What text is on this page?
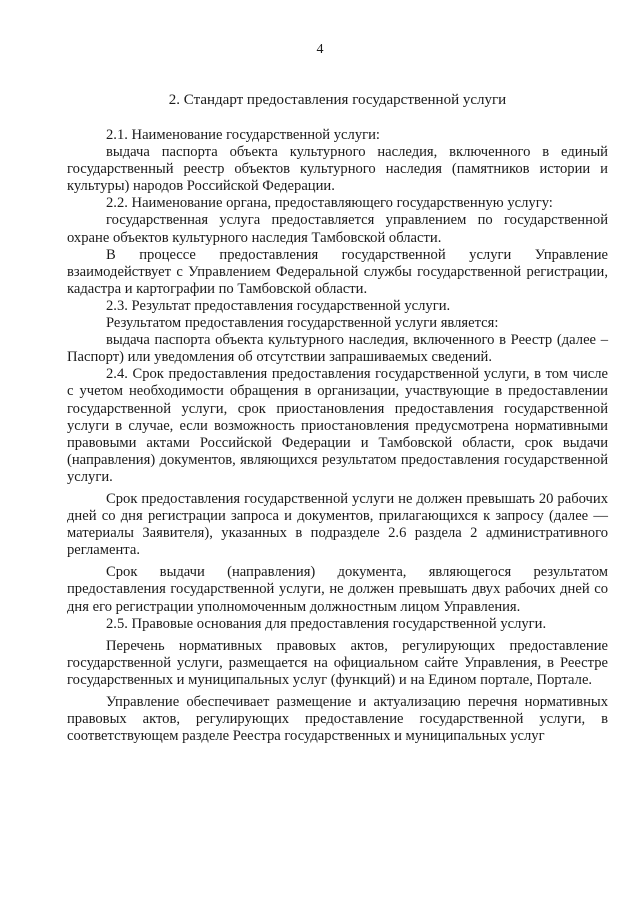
4
2. Стандарт предоставления государственной услуги

2.1. Наименование государственной услуги:

выдача паспорта объекта культурного наследия, включенного в единый государственный реестр объектов культурного наследия (памятников истории и культуры) народов Российской Федерации.

2.2. Наименование органа, предоставляющего государственную услугу:

государственная услуга предоставляется управлением по государственной охране объектов культурного наследия Тамбовской области.

В процессе предоставления государственной услуги Управление взаимодействует с Управлением Федеральной службы государственной регистрации, кадастра и картографии по Тамбовской области.

2.3. Результат предоставления государственной услуги.

Результатом предоставления государственной услуги является:

выдача паспорта объекта культурного наследия, включенного в Реестр (далее – Паспорт) или уведомления об отсутствии запрашиваемых сведений.

2.4. Срок предоставления предоставления государственной услуги, в том числе с учетом необходимости обращения в организации, участвующие в предоставлении государственной услуги, срок приостановления предоставления государственной услуги в случае, если возможность приостановления предусмотрена нормативными правовыми актами Российской Федерации и Тамбовской области, срок выдачи (направления) документов, являющихся результатом предоставления государственной услуги.

Срок предоставления государственной услуги не должен превышать 20 рабочих дней со дня регистрации запроса и документов, прилагающихся к запросу (далее — материалы Заявителя), указанных в подразделе 2.6 раздела 2 административного регламента.

Срок выдачи (направления) документа, являющегося результатом предоставления государственной услуги, не должен превышать двух рабочих дней со дня его регистрации уполномоченным должностным лицом Управления.

2.5. Правовые основания для предоставления государственной услуги.

Перечень нормативных правовых актов, регулирующих предоставление государственной услуги, размещается на официальном сайте Управления, в Реестре государственных и муниципальных услуг (функций) и на Едином портале, Портале.

Управление обеспечивает размещение и актуализацию перечня нормативных правовых актов, регулирующих предоставление государственной услуги, в соответствующем разделе Реестра государственных и муниципальных услуг
